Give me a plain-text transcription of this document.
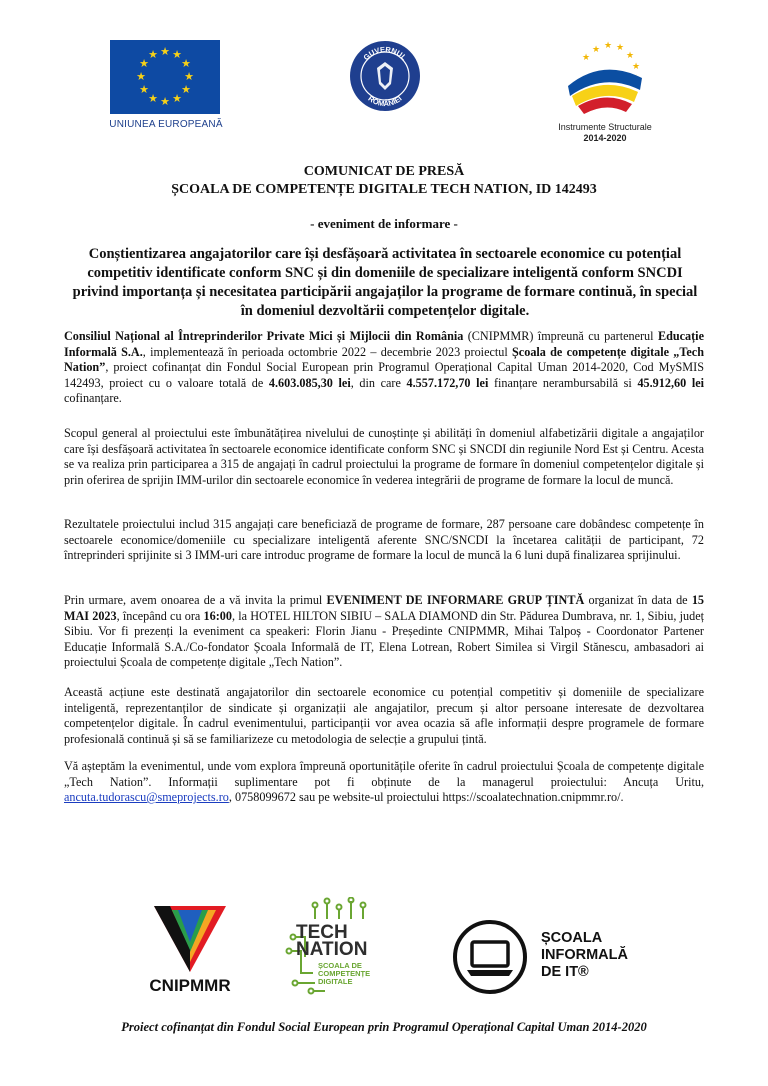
★ ★
★
★
★
★
★
★
★
★
★
★
UNIUNEA EUROPEANĂ
GUVERNUL
ROMÂNIEI
★ ★ ★
★
★
★
Instrumente Structurale
2014-2020
COMUNICAT DE PRESĂ
ȘCOALA DE COMPETENȚE DIGITALE TECH NATION, ID 142493
- eveniment de informare -
Conștientizarea angajatorilor care își desfășoară activitatea în sectoarele economice cu potențial competitiv identificate conform SNC și din domeniile de specializare inteligentă conform SNCDI privind importanța și necesitatea participării angajaților la programe de formare continuă, în special în domeniul dezvoltării competențelor digitale.
Consiliul Național al Întreprinderilor Private Mici și Mijlocii din România (CNIPMMR) împreună cu partenerul Educație Informală S.A., implementează în perioada octombrie 2022 – decembrie 2023 proiectul Școala de competențe digitale „Tech Nation”, proiect cofinanțat din Fondul Social European prin Programul Operațional Capital Uman 2014-2020, Cod MySMIS 142493, proiect cu o valoare totală de 4.603.085,30 lei, din care 4.557.172,70 lei finanțare nerambursabilă si 45.912,60 lei cofinanțare.
Scopul general al proiectului este îmbunătățirea nivelului de cunoștințe și abilități în domeniul alfabetizării digitale a angajaților care își desfășoară activitatea în sectoarele economice identificate conform SNC și SNCDI din regiunile Nord Est și Centru. Acesta se va realiza prin participarea a 315 de angajați în cadrul proiectului la programe de formare în domeniul competențelor digitale și prin oferirea de sprijin IMM-urilor din sectoarele economice în vederea integrării de programe de formare la locul de muncă.
Rezultatele proiectului includ 315 angajați care beneficiază de programe de formare, 287 persoane care dobândesc competențe în sectoarele economice/domeniile cu specializare inteligentă aferente SNC/SNCDI la încetarea calității de participant, 72 întreprinderi sprijinite si 3 IMM-uri care introduc programe de formare la locul de muncă la 6 luni după finalizarea sprijinului.
Prin urmare, avem onoarea de a vă invita la primul EVENIMENT DE INFORMARE GRUP ȚINTĂ organizat în data de 15 MAI 2023, începând cu ora 16:00, la HOTEL HILTON SIBIU – SALA DIAMOND din Str. Pădurea Dumbrava, nr. 1, Sibiu, județ Sibiu. Vor fi prezenți la eveniment ca speakeri: Florin Jianu - Președinte CNIPMMR, Mihai Talpoș - Coordonator Partener Educație Informală S.A./Co-fondator Școala Informală de IT, Elena Lotrean, Robert Similea si Virgil Stănescu, ambasadori ai proiectului Școala de competențe digitale „Tech Nation”.
Această acțiune este destinată angajatorilor din sectoarele economice cu potențial competitiv și domeniile de specializare inteligentă, reprezentanților de sindicate și organizații ale angajatilor, precum și altor persoane interesate de dezvoltarea competențelor digitale. În cadrul evenimentului, participanții vor avea ocazia să afle informații despre programele de formare profesională continuă și să se familiarizeze cu metodologia de selecție a grupului țintă.
Vă așteptăm la evenimentul, unde vom explora împreună oportunitățile oferite în cadrul proiectului Școala de competențe digitale „Tech Nation”. Informații suplimentare pot fi obținute de la managerul proiectului: Ancuța Uritu, ancuta.tudorascu@smeprojects.ro, 0758099672 sau pe website-ul proiectului https://scoalatechnation.cnipmmr.ro/.
CNIPMMR
TECH
NATION
ȘCOALA DE
COMPETENȚE
DIGITALE
ȘCOALA
INFORMALĂ
DE IT®
Proiect cofinanțat din Fondul Social European prin Programul Operațional Capital Uman 2014-2020
